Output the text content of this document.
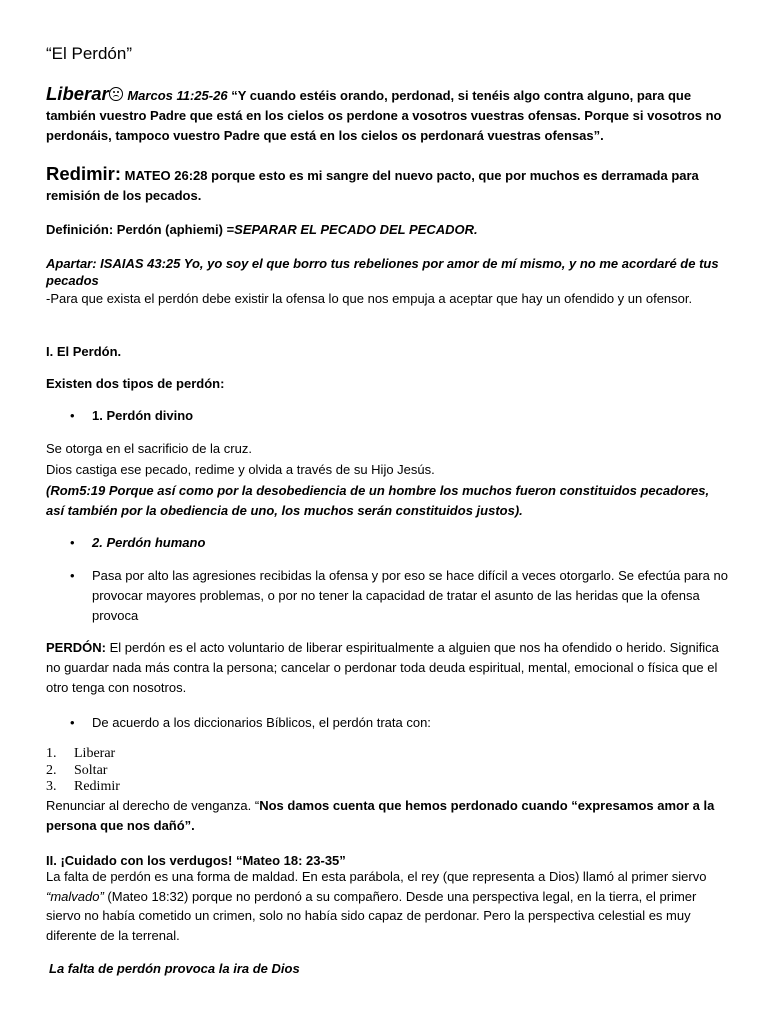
“El Perdón”

Liberar Marcos 11:25-26 “Y cuando estéis orando, perdonad, si tenéis algo contra alguno, para que también vuestro Padre que está en los cielos os perdone a vosotros vuestras ofensas. Porque si vosotros no perdonáis, tampoco vuestro Padre que está en los cielos os perdonará vuestras ofensas”.

Redimir: MATEO 26:28 porque esto es mi sangre del nuevo pacto, que por muchos es derramada para remisión de los pecados.

Definición: Perdón (aphiemi) =SEPARAR EL PECADO DEL PECADOR.

Apartar: ISAIAS 43:25 Yo, yo soy el que borro tus rebeliones por amor de mí mismo, y no me acordaré de tus pecados

-Para que exista el perdón debe existir la ofensa lo que nos empuja a aceptar que hay un ofendido y un ofensor.

I. El Perdón.

Existen dos tipos de perdón:

• 1. Perdón divino

Se otorga en el sacrificio de la cruz.

Dios castiga ese pecado, redime y olvida a través de su Hijo Jesús.

(Rom5:19 Porque así como por la desobediencia de un hombre los muchos fueron constituidos pecadores, así también por la obediencia de uno, los muchos serán constituidos justos).

• 2. Perdón humano
• Pasa por alto las agresiones recibidas la ofensa y por eso se hace difícil a veces otorgarlo. Se efectúa para no provocar mayores problemas, o por no tener la capacidad de tratar el asunto de las heridas que la ofensa provoca

PERDÓN: El perdón es el acto voluntario de liberar espiritualmente a alguien que nos ha ofendido o herido. Significa no guardar nada más contra la persona; cancelar o perdonar toda deuda espiritual, mental, emocional o física que el otro tenga con nosotros.

• De acuerdo a los diccionarios Bíblicos, el perdón trata con:
1. Liberar
2. Soltar
3. Redimir

Renunciar al derecho de venganza. “Nos damos cuenta que hemos perdonado cuando “expresamos amor a la persona que nos dañó”.

II. ¡Cuidado con los verdugos! “Mateo 18: 23-35”

La falta de perdón es una forma de maldad. En esta parábola, el rey (que representa a Dios) llamó al primer siervo “malvado” (Mateo 18:32) porque no perdonó a su compañero. Desde una perspectiva legal, en la tierra, el primer siervo no había cometido un crimen, solo no había sido capaz de perdonar. Pero la perspectiva celestial es muy diferente de la terrenal.

La falta de perdón provoca la ira de Dios
